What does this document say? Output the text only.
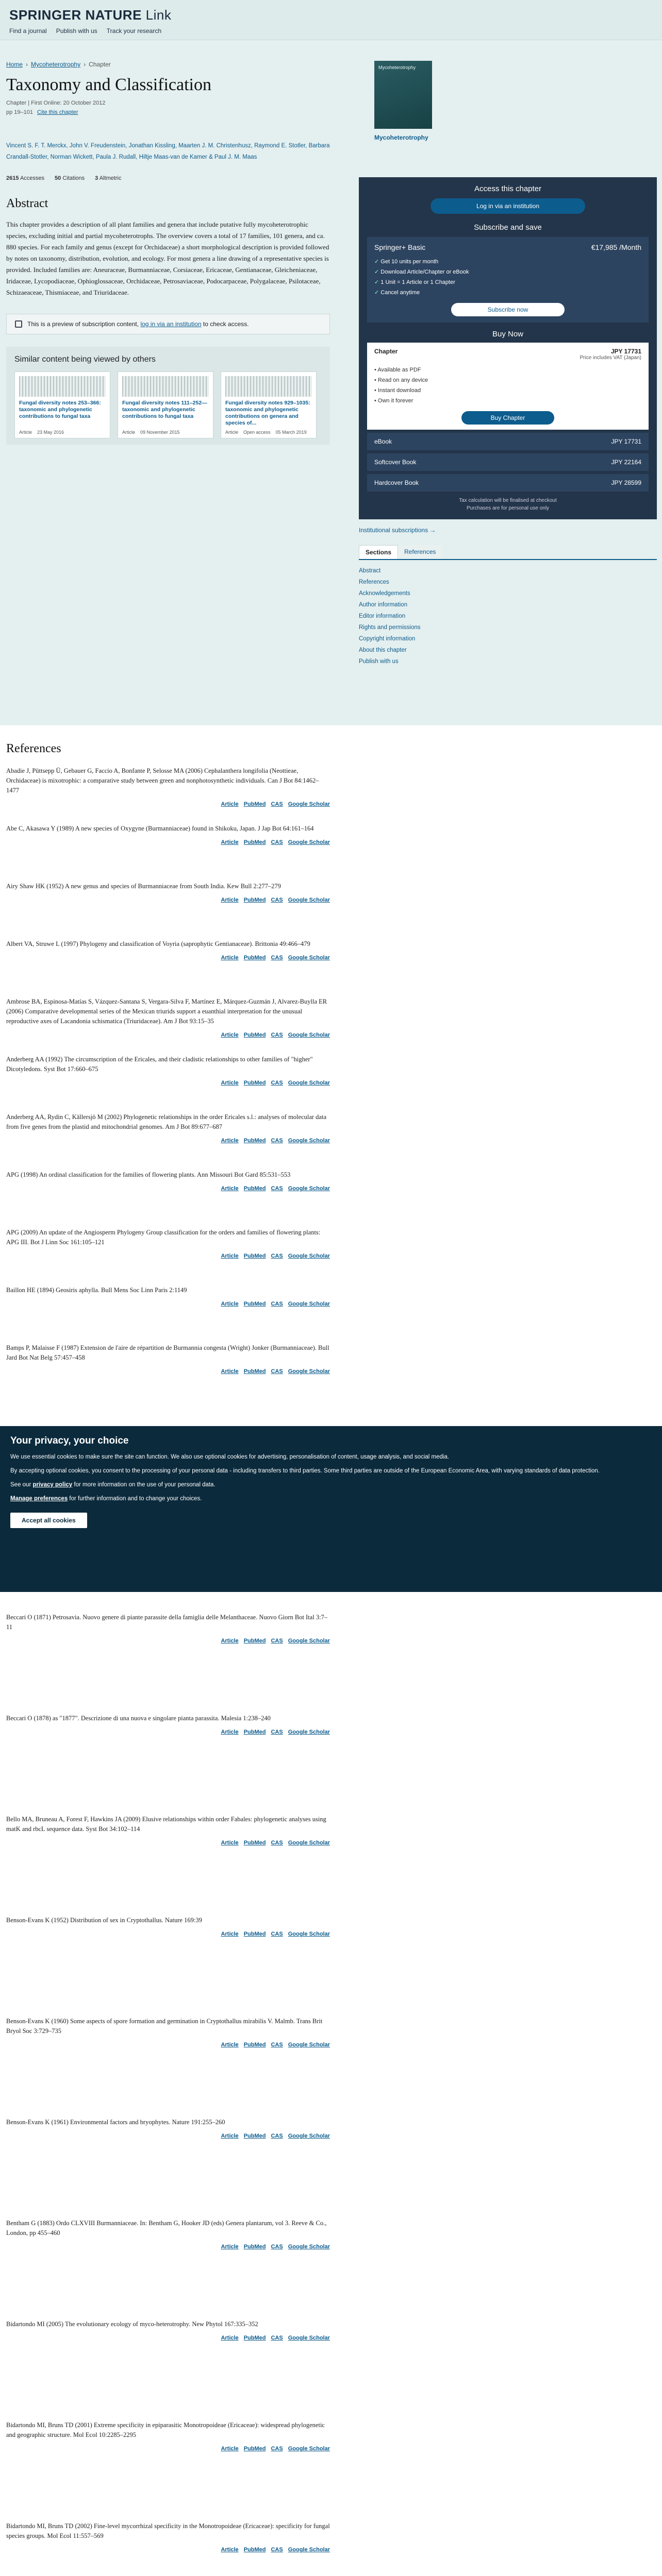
SPRINGER NATURE Link
Find a journal Publish with us Track your research
Home › Mycoheterotrophy › Chapter
Taxonomy and Classification
Chapter | First Online: 20 October 2012
pp 19–101 Cite this chapter
Vincent S. F. T. Merckx, John V. Freudenstein, Jonathan Kissling, Maarten J. M. Christenhusz, Raymond E. Stotler, Barbara Crandall-Stotler, Norman Wickett, Paula J. Rudall, Hiltje Maas-van de Kamer & Paul J. M. Maas
2615 Accesses 50 Citations 3 Altmetric
Abstract

This chapter provides a description of all plant families and genera that include putative fully mycoheterotrophic species, excluding initial and partial mycoheterotrophs. The overview covers a total of 17 families, 101 genera, and ca. 880 species. For each family and genus (except for Orchidaceae) a short morphological description is provided followed by notes on taxonomy, distribution, evolution, and ecology. For most genera a line drawing of a representative species is provided. Included families are: Aneuraceae, Burmanniaceae, Corsiaceae, Ericaceae, Gentianaceae, Gleicheniaceae, Iridaceae, Lycopodiaceae, Ophioglossaceae, Orchidaceae, Petrosaviaceae, Podocarpaceae, Polygalaceae, Psilotaceae, Schizaeaceae, Thismiaceae, and Triuridaceae.

This is a preview of subscription content, log in via an institution to check access.
Similar content being viewed by others
Fungal diversity notes 253–366: taxonomic and phylogenetic contributions to fungal taxa
Article 23 May 2016
Fungal diversity notes 111–252—taxonomic and phylogenetic contributions to fungal taxa
Article 09 November 2015
Fungal diversity notes 929–1035: taxonomic and phylogenetic contributions on genera and species of...
Article Open access 05 March 2019
Mycoheterotrophy
Mycoheterotrophy
Access this chapter
Log in via an institution
Subscribe and save
Springer+ Basic	€17,985 /Month
✓ Get 10 units per month
✓ Download Article/Chapter or eBook
✓ 1 Unit = 1 Article or 1 Chapter
✓ Cancel anytime
Subscribe now
Buy Now
Chapter	JPY 17731
Price includes VAT (Japan)
• Available as PDF
• Read on any device
• Instant download
• Own it forever
Buy Chapter
eBook	JPY 17731
Softcover Book	JPY 22164
Hardcover Book	JPY 28599
Tax calculation will be finalised at checkout
Purchases are for personal use only
Institutional subscriptions →
Sections	References
Abstract
References
Acknowledgements
Author information
Editor information
Rights and permissions
Copyright information
About this chapter
Publish with us
References
Abadie J, Püttsepp Ü, Gebauer G, Faccio A, Bonfante P, Selosse MA (2006) Cephalanthera longifolia (Neottieae, Orchidaceae) is mixotrophic: a comparative study between green and nonphotosynthetic individuals. Can J Bot 84:1462–1477
Article PubMed CAS Google Scholar
Abe C, Akasawa Y (1989) A new species of Oxygyne (Burmanniaceae) found in Shikoku, Japan. J Jap Bot 64:161–164
Article PubMed CAS Google Scholar
Airy Shaw HK (1952) A new genus and species of Burmanniaceae from South India. Kew Bull 2:277–279
Article PubMed CAS Google Scholar
Albert VA, Struwe L (1997) Phylogeny and classification of Voyria (saprophytic Gentianaceae). Brittonia 49:466–479
Article PubMed CAS Google Scholar
Ambrose BA, Espinosa-Matías S, Vázquez-Santana S, Vergara-Silva F, Martínez E, Márquez-Guzmán J, Alvarez-Buylla ER (2006) Comparative developmental series of the Mexican triurids support a euanthial interpretation for the unusual reproductive axes of Lacandonia schismatica (Triuridaceae). Am J Bot 93:15–35
Article PubMed CAS Google Scholar
Anderberg AA (1992) The circumscription of the Ericales, and their cladistic relationships to other families of "higher" Dicotyledons. Syst Bot 17:660–675
Article PubMed CAS Google Scholar
Anderberg AA, Rydin C, Källersjö M (2002) Phylogenetic relationships in the order Ericales s.l.: analyses of molecular data from five genes from the plastid and mitochondrial genomes. Am J Bot 89:677–687
Article PubMed CAS Google Scholar
APG (1998) An ordinal classification for the families of flowering plants. Ann Missouri Bot Gard 85:531–553
Article PubMed CAS Google Scholar
APG (2009) An update of the Angiosperm Phylogeny Group classification for the orders and families of flowering plants: APG III. Bot J Linn Soc 161:105–121
Article PubMed CAS Google Scholar
Baillon HE (1894) Geosiris aphylla. Bull Mens Soc Linn Paris 2:1149
Article PubMed CAS Google Scholar
Bamps P, Malaisse F (1987) Extension de l'aire de répartition de Burmannia congesta (Wright) Jonker (Burmanniaceae). Bull Jard Bot Nat Belg 57:457–458
Article PubMed CAS Google Scholar
Your privacy, your choice

We use essential cookies to make sure the site can function. We also use optional cookies for advertising, personalisation of content, usage analysis, and social media.

By accepting optional cookies, you consent to the processing of your personal data - including transfers to third parties. Some third parties are outside of the European Economic Area, with varying standards of data protection.

See our privacy policy for more information on the use of your personal data.

Manage preferences for further information and to change your choices.

Accept all cookies
Beccari O (1871) Petrosavia. Nuovo genere di piante parassite della famiglia delle Melanthaceae. Nuovo Giorn Bot Ital 3:7–11
Article PubMed CAS Google Scholar
Beccari O (1878) as "1877". Descrizione di una nuova e singolare pianta parassita. Malesia 1:238–240
Article PubMed CAS Google Scholar
Bello MA, Bruneau A, Forest F, Hawkins JA (2009) Elusive relationships within order Fabales: phylogenetic analyses using matK and rbcL sequence data. Syst Bot 34:102–114
Article PubMed CAS Google Scholar
Benson-Evans K (1952) Distribution of sex in Cryptothallus. Nature 169:39
Article PubMed CAS Google Scholar
Benson-Evans K (1960) Some aspects of spore formation and germination in Cryptothallus mirabilis V. Malmb. Trans Brit Bryol Soc 3:729–735
Article PubMed CAS Google Scholar
Benson-Evans K (1961) Environmental factors and bryophytes. Nature 191:255–260
Article PubMed CAS Google Scholar
Bentham G (1883) Ordo CLXVIII Burmanniaceae. In: Bentham G, Hooker JD (eds) Genera plantarum, vol 3. Reeve & Co., London, pp 455–460
Article PubMed CAS Google Scholar
Bidartondo MI (2005) The evolutionary ecology of myco-heterotrophy. New Phytol 167:335–352
Article PubMed CAS Google Scholar
Bidartondo MI, Bruns TD (2001) Extreme specificity in epiparasitic Monotropoideae (Ericaceae): widespread phylogenetic and geographic structure. Mol Ecol 10:2285–2295
Article PubMed CAS Google Scholar
Bidartondo MI, Bruns TD (2002) Fine-level mycorrhizal specificity in the Monotropoideae (Ericaceae): specificity for fungal species groups. Mol Ecol 11:557–569
Article PubMed CAS Google Scholar
